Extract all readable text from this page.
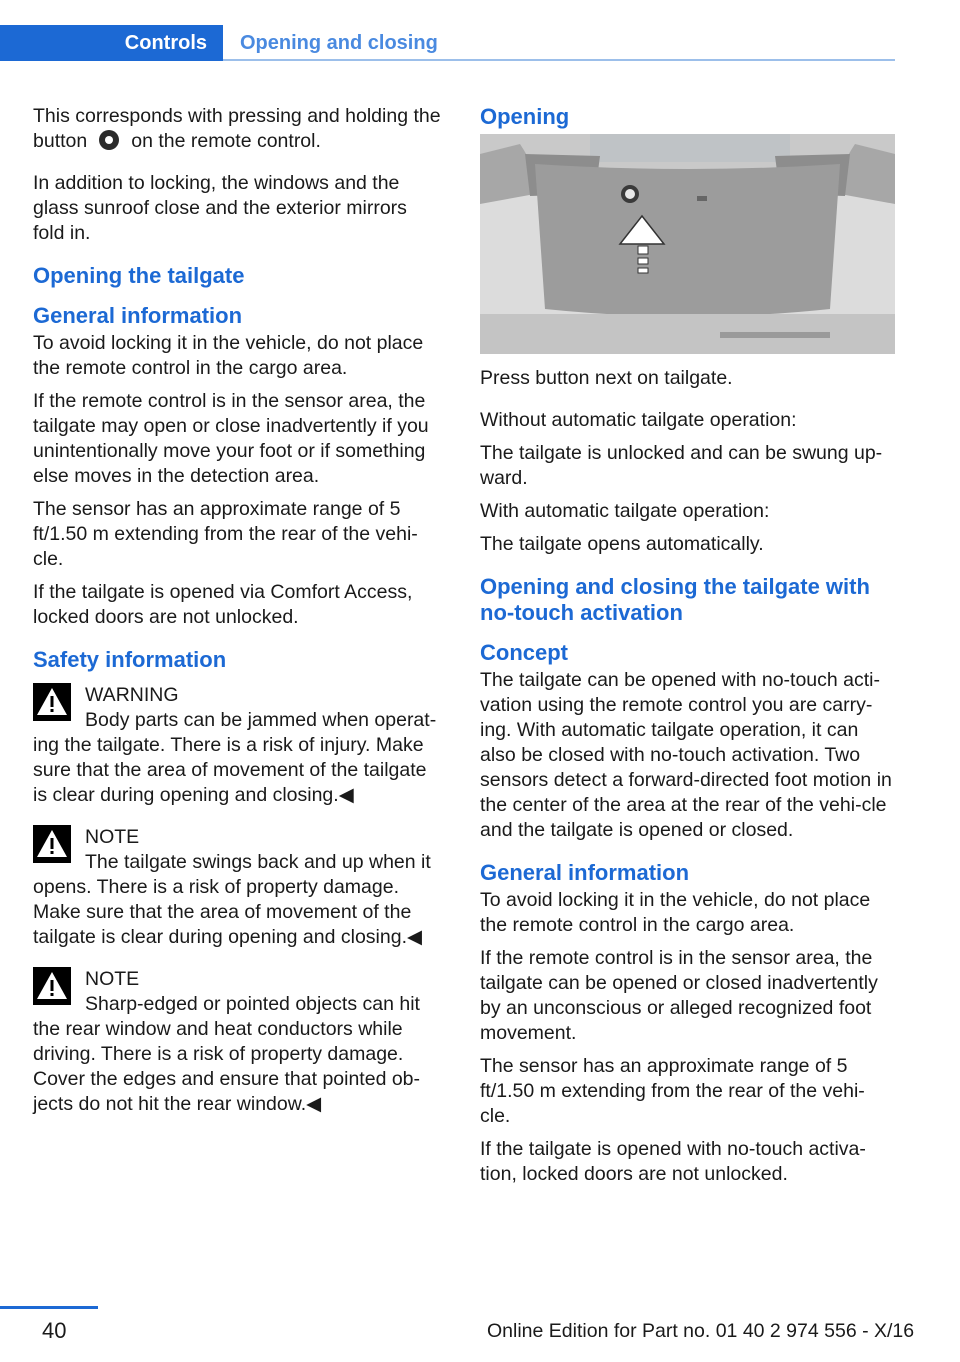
Controls	Opening and closing

This corresponds with pressing and holding the button on the remote control.

In addition to locking, the windows and the glass sunroof close and the exterior mirrors fold in.

Opening the tailgate
General information

To avoid locking it in the vehicle, do not place the remote control in the cargo area.

If the remote control is in the sensor area, the tailgate may open or close inadvertently if you unintentionally move your foot or if something else moves in the detection area.

The sensor has an approximate range of 5 ft/1.50 m extending from the rear of the vehi‐cle.

If the tailgate is opened via Comfort Access, locked doors are not unlocked.

Safety information
WARNING
Body parts can be jammed when operat‐ing the tailgate. There is a risk of injury. Make sure that the area of movement of the tailgate is clear during opening and closing.◀
NOTE
The tailgate swings back and up when it opens. There is a risk of property damage. Make sure that the area of movement of the tailgate is clear during opening and closing.◀
NOTE
Sharp-edged or pointed objects can hit the rear window and heat conductors while driving. There is a risk of property damage. Cover the edges and ensure that pointed ob‐jects do not hit the rear window.◀
Opening

Press button next on tailgate.

Without automatic tailgate operation:

The tailgate is unlocked and can be swung up‐ward.

With automatic tailgate operation:

The tailgate opens automatically.

Opening and closing the tailgate with no-touch activation
Concept

The tailgate can be opened with no-touch acti‐vation using the remote control you are carry‐ing. With automatic tailgate operation, it can also be closed with no-touch activation. Two sensors detect a forward-directed foot motion in the center of the area at the rear of the vehi‐cle and the tailgate is opened or closed.

General information

To avoid locking it in the vehicle, do not place the remote control in the cargo area.

If the remote control is in the sensor area, the tailgate can be opened or closed inadvertently by an unconscious or alleged recognized foot movement.

The sensor has an approximate range of 5 ft/1.50 m extending from the rear of the vehi‐cle.

If the tailgate is opened with no-touch activa‐tion, locked doors are not unlocked.

40	Online Edition for Part no. 01 40 2 974 556 - X/16
